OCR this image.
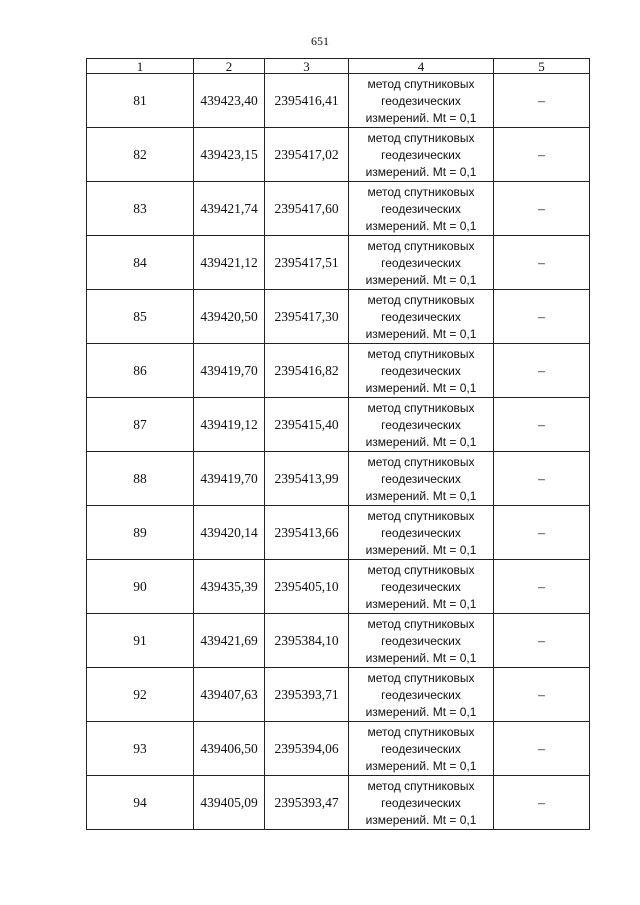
651
1	2	3	4	5
81	439423,40	2395416,41	метод спутниковых
геодезических
измерений. Mt = 0,1	–
82	439423,15	2395417,02	метод спутниковых
геодезических
измерений. Mt = 0,1	–
83	439421,74	2395417,60	метод спутниковых
геодезических
измерений. Mt = 0,1	–
84	439421,12	2395417,51	метод спутниковых
геодезических
измерений. Mt = 0,1	–
85	439420,50	2395417,30	метод спутниковых
геодезических
измерений. Mt = 0,1	–
86	439419,70	2395416,82	метод спутниковых
геодезических
измерений. Mt = 0,1	–
87	439419,12	2395415,40	метод спутниковых
геодезических
измерений. Mt = 0,1	–
88	439419,70	2395413,99	метод спутниковых
геодезических
измерений. Mt = 0,1	–
89	439420,14	2395413,66	метод спутниковых
геодезических
измерений. Mt = 0,1	–
90	439435,39	2395405,10	метод спутниковых
геодезических
измерений. Mt = 0,1	–
91	439421,69	2395384,10	метод спутниковых
геодезических
измерений. Mt = 0,1	–
92	439407,63	2395393,71	метод спутниковых
геодезических
измерений. Mt = 0,1	–
93	439406,50	2395394,06	метод спутниковых
геодезических
измерений. Mt = 0,1	–
94	439405,09	2395393,47	метод спутниковых
геодезических
измерений. Mt = 0,1	–
